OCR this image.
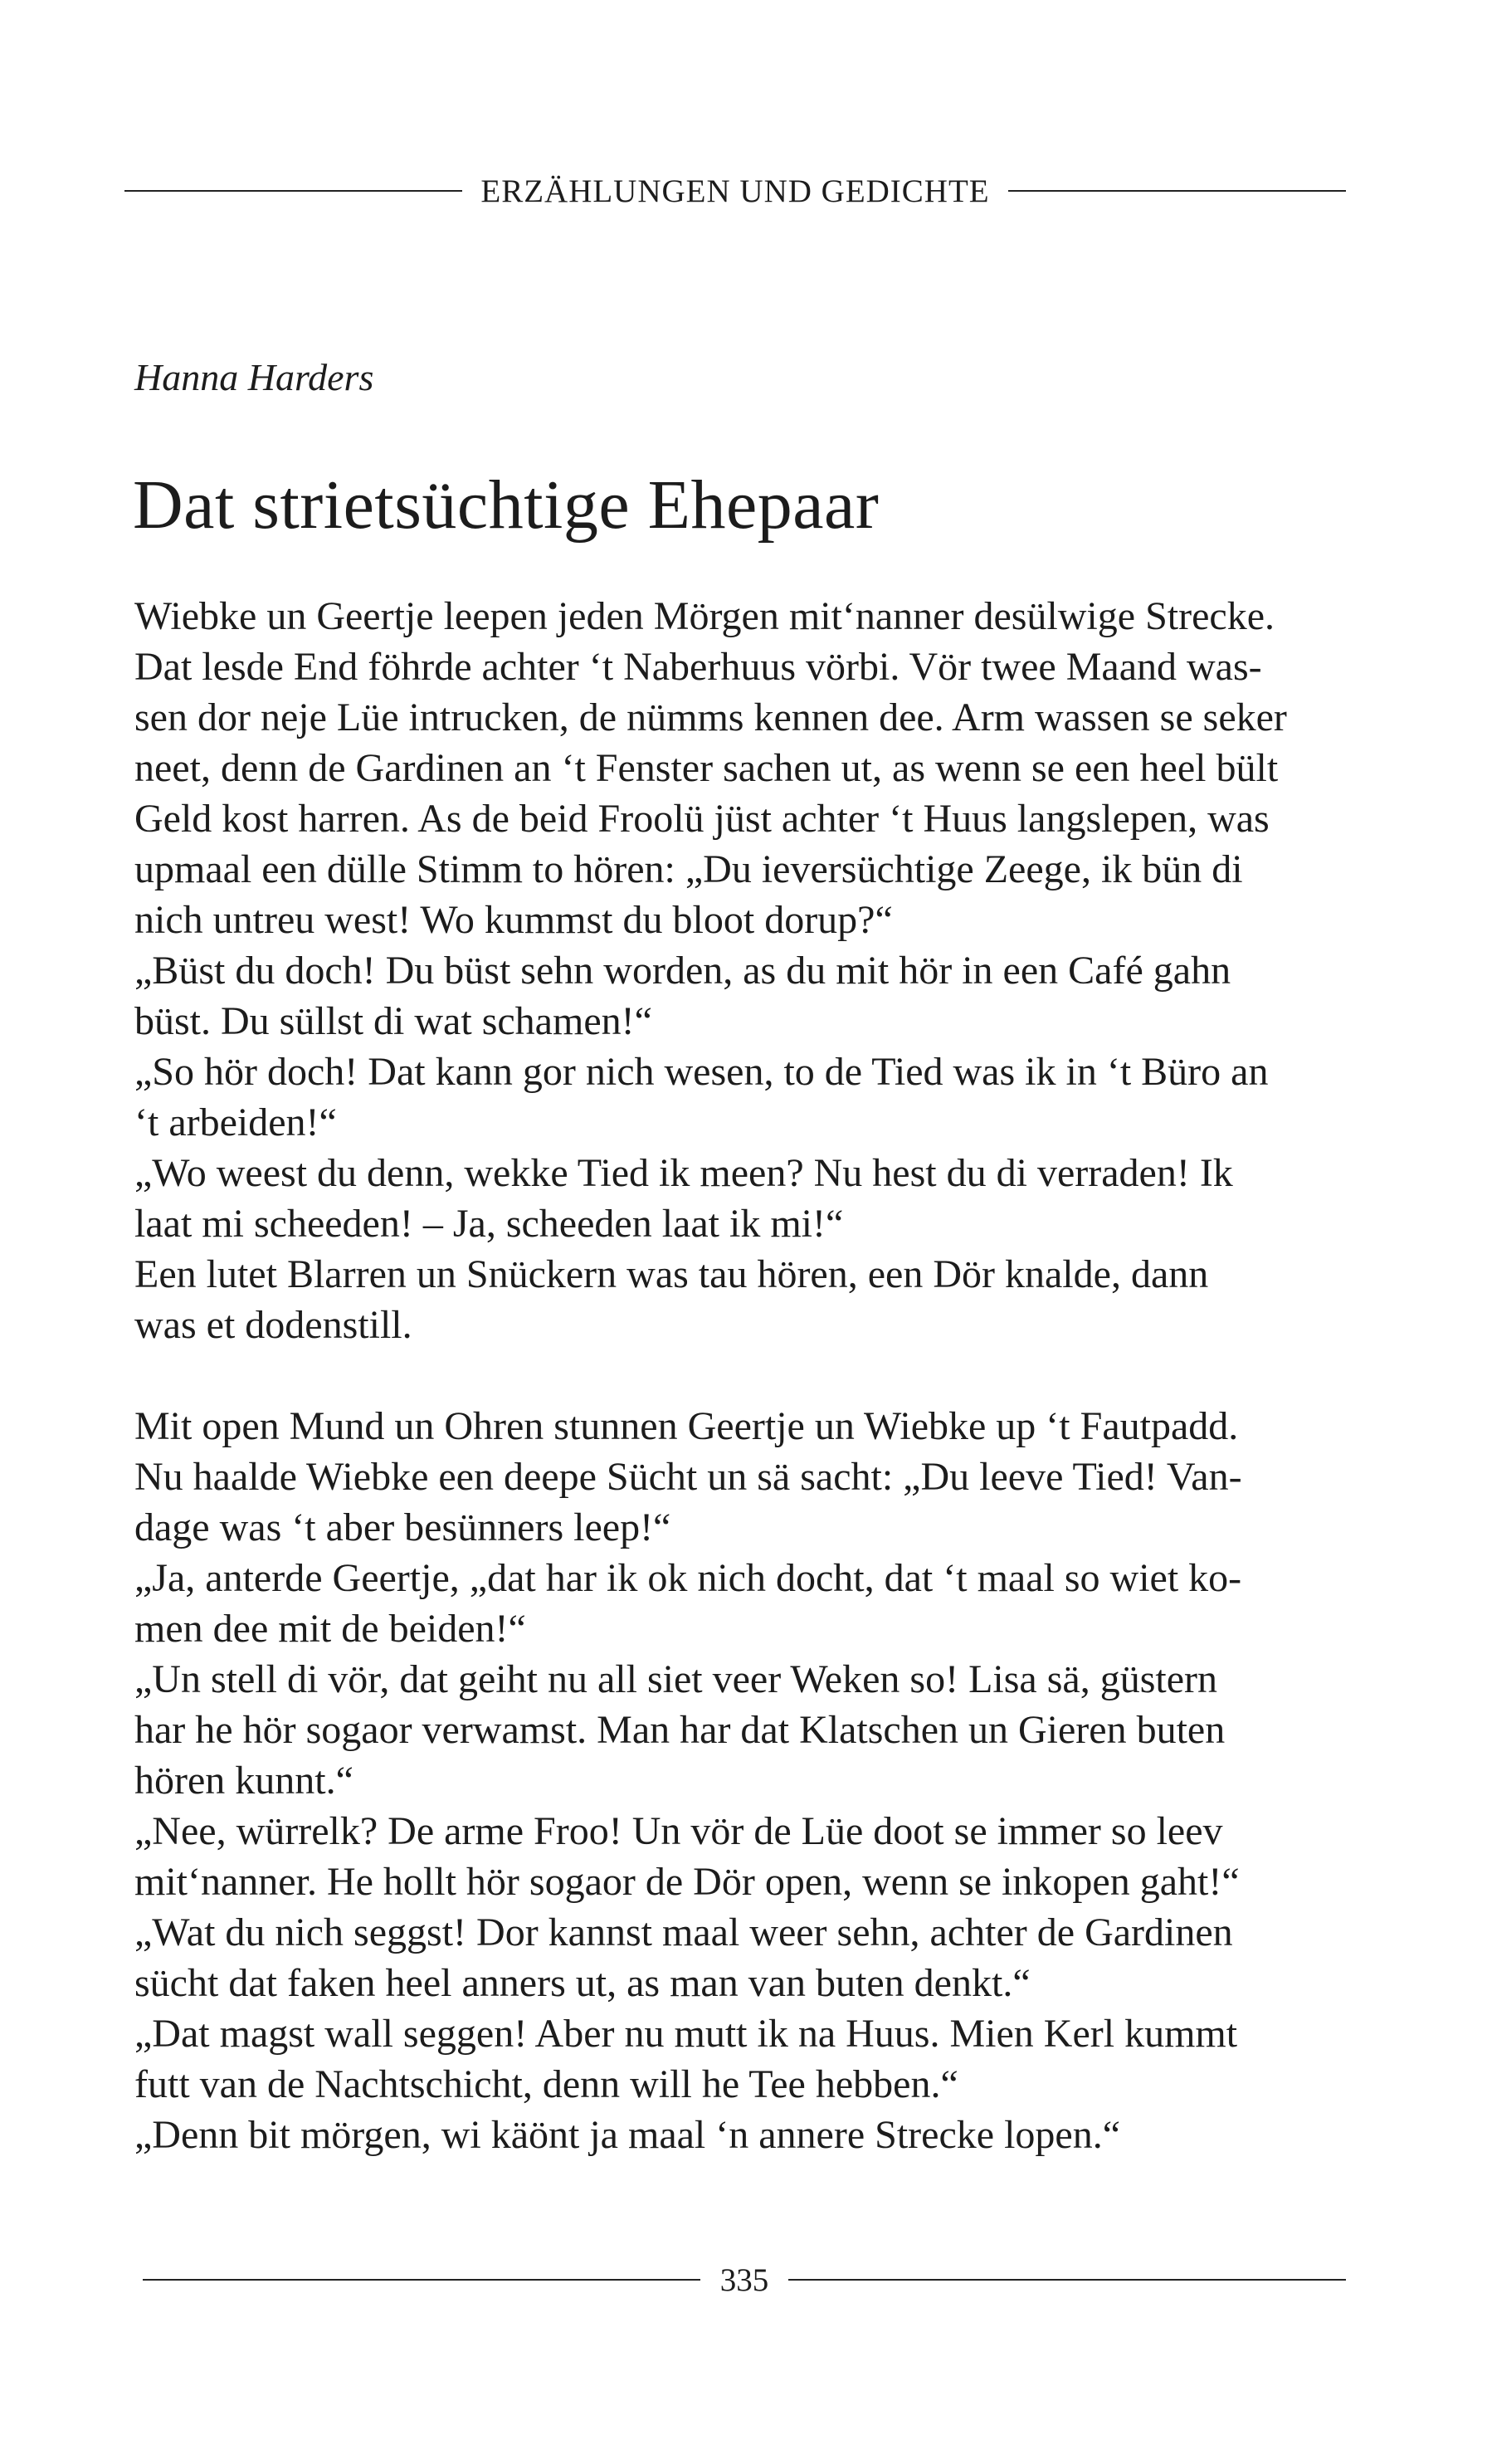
ERZÄHLUNGEN UND GEDICHTE
Hanna Harders
Dat strietsüchtige Ehepaar
Wiebke un Geertje leepen jeden Mörgen mit‘nanner desülwige Strecke.
Dat lesde End föhrde achter ‘t Naberhuus vörbi. Vör twee Maand was-
sen dor neje Lüe intrucken, de nümms kennen dee. Arm wassen se seker
neet, denn de Gardinen an ‘t Fenster sachen ut, as wenn se een heel bült
Geld kost harren. As de beid Froolü jüst achter ‘t Huus langslepen, was
upmaal een dülle Stimm to hören: „Du ieversüchtige Zeege, ik bün di
nich untreu west! Wo kummst du bloot dorup?“
„Büst du doch! Du büst sehn worden, as du mit hör in een Café gahn
büst. Du süllst di wat schamen!“
„So hör doch! Dat kann gor nich wesen, to de Tied was ik in ‘t Büro an
‘t arbeiden!“
„Wo weest du denn, wekke Tied ik meen? Nu hest du di verraden! Ik
laat mi scheeden! – Ja, scheeden laat ik mi!“
Een lutet Blarren un Snückern was tau hören, een Dör knalde, dann
was et dodenstill.
Mit open Mund un Ohren stunnen Geertje un Wiebke up ‘t Fautpadd.
Nu haalde Wiebke een deepe Sücht un sä sacht: „Du leeve Tied! Van-
dage was ‘t aber besünners leep!“
„Ja, anterde Geertje, „dat har ik ok nich docht, dat ‘t maal so wiet ko-
men dee mit de beiden!“
„Un stell di vör, dat geiht nu all siet veer Weken so! Lisa sä, güstern
har he hör sogaor verwamst. Man har dat Klatschen un Gieren buten
hören kunnt.“
„Nee, würrelk? De arme Froo! Un vör de Lüe doot se immer so leev
mit‘nanner. He hollt hör sogaor de Dör open, wenn se inkopen gaht!“
„Wat du nich seggst! Dor kannst maal weer sehn, achter de Gardinen
sücht dat faken heel anners ut, as man van buten denkt.“
„Dat magst wall seggen! Aber nu mutt ik na Huus. Mien Kerl kummt
futt van de Nachtschicht, denn will he Tee hebben.“
„Denn bit mörgen, wi käönt ja maal ‘n annere Strecke lopen.“
335
